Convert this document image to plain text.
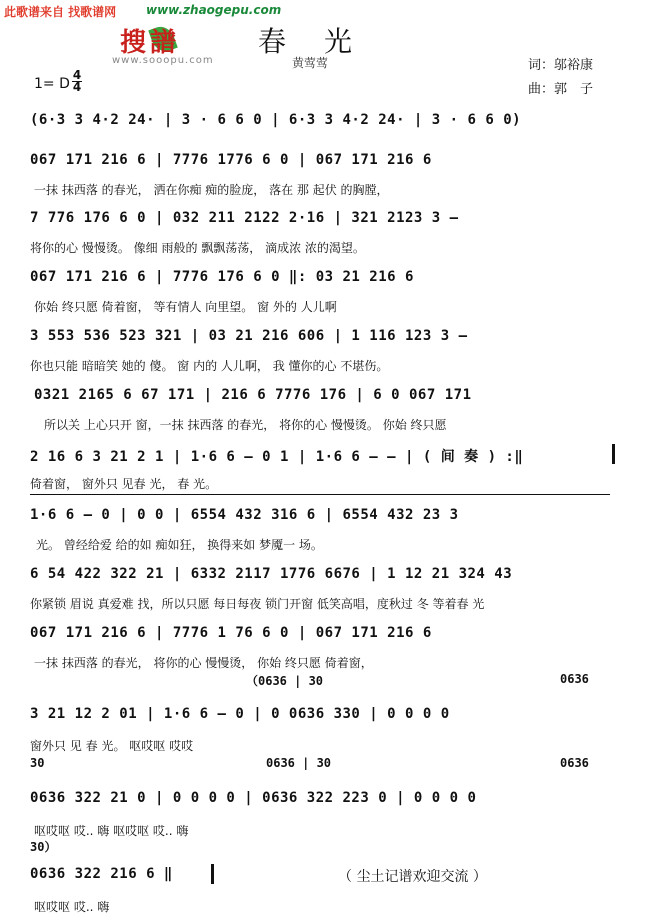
此歌谱来自 找歌谱网 www.zhaogepu.com
搜譜
www.sooopu.com
春光
黄莺莺	词：邬裕康
曲：郭　子
1= D
4
4
(6·3 3 4·2 24· | 3 · 6 6 0 | 6·3 3 4·2 24· | 3 · 6 6 0)
067 171 216 6 | 7776 1776 6 0 | 067 171 216 6
一抹 抹西落 的春光， 洒在你痴 痴的脸庞， 落在 那 起伏 的胸膛，
7 776 176 6 0 | 032 211 2122 2·16 | 321 2123 3 –
将你的心 慢慢烫。 像细 雨般的 飘飘荡荡， 滴成浓 浓的渴望。
067 171 216 6 | 7776 176 6 0 ‖: 03 21 216 6
你始 终只愿 倚着窗， 等有情人 向里望。 窗 外的 人儿啊
3 553 536 523 321 | 03 21 216 606 | 1 116 123 3 –
你也只能 暗暗笑 她的 傻。 窗 内的 人儿啊， 我 懂你的心 不堪伤。
0321 2165 6 67 171 | 216 6 7776 176 | 6 0 067 171
所以关 上心只开 窗，一抹 抹西落 的春光， 将你的心 慢慢烫。 你始 终只愿
2 16 6 3 21 2 1 | 1·6 6 – 0 1 | 1·6 6 – – | ( 间 奏 ) :‖
倚着窗， 窗外只 见春 光， 春 光。
1·6 6 – 0 | 0 0 | 6554 432 316 6 | 6554 432 23 3
光。 曾经给爱 给的如 痴如狂， 换得来如 梦魇一 场。
6 54 422 322 21 | 6332 2117 1776 6676 | 1 12 21 324 43
你紧锁 眉说 真爱难 找，所以只愿 每日每夜 锁门开窗 低笑高唱，度秋过 冬 等着春 光
067 171 216 6 | 7776 1 76 6 0 | 067 171 216 6
一抹 抹西落 的春光， 将你的心 慢慢烫， 你始 终只愿 倚着窗，
（0636 | 30	0636
3 21 12 2 01 | 1·6 6 – 0 | 0 0636 330 | 0 0 0 0
窗外只 见 春 光。 呕哎呕 哎哎
30	0636 | 30	0636
0636 322 21 0 | 0 0 0 0 | 0636 322 223 0 | 0 0 0 0
呕哎呕 哎.. 嗨 呕哎呕 哎.. 嗨
30）
0636 322 216 6 ‖
呕哎呕 哎.. 嗨
（ 尘土记谱欢迎交流 ）
